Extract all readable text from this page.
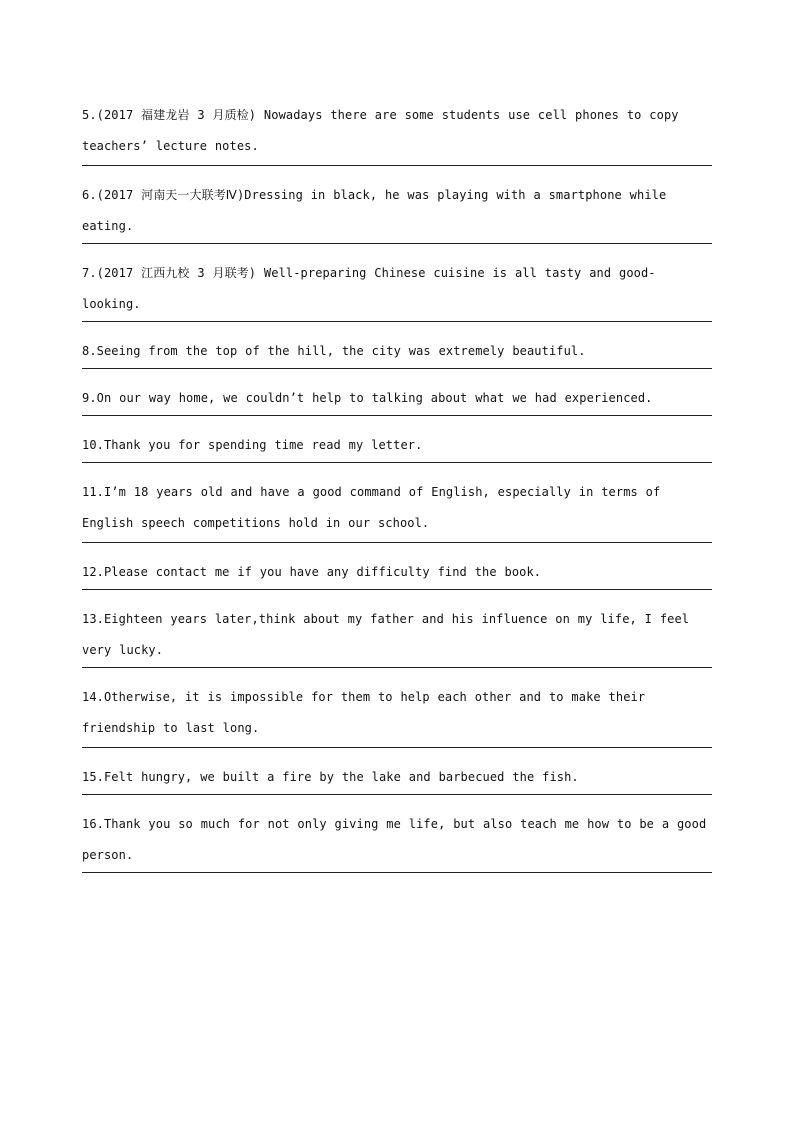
5.(2017 福建龙岩 3 月质检) Nowadays there are some students use cell phones to copy teachers’ lecture notes.

6.(2017 河南天一大联考Ⅳ)Dressing in black, he was playing with a smartphone while eating.

7.(2017 江西九校 3 月联考) Well-preparing Chinese cuisine is all tasty and good-looking.

8.Seeing from the top of the hill, the city was extremely beautiful.

9.On our way home, we couldn’t help to talking about what we had experienced.

10.Thank you for spending time read my letter.

11.I’m 18 years old and have a good command of English, especially in terms of English speech competitions hold in our school.

12.Please contact me if you have any difficulty find the book.

13.Eighteen years later,think about my father and his influence on my life, I feel very lucky.

14.Otherwise, it is impossible for them to help each other and to make their friendship to last long.

15.Felt hungry, we built a fire by the lake and barbecued the fish.

16.Thank you so much for not only giving me life, but also teach me how to be a good person.
